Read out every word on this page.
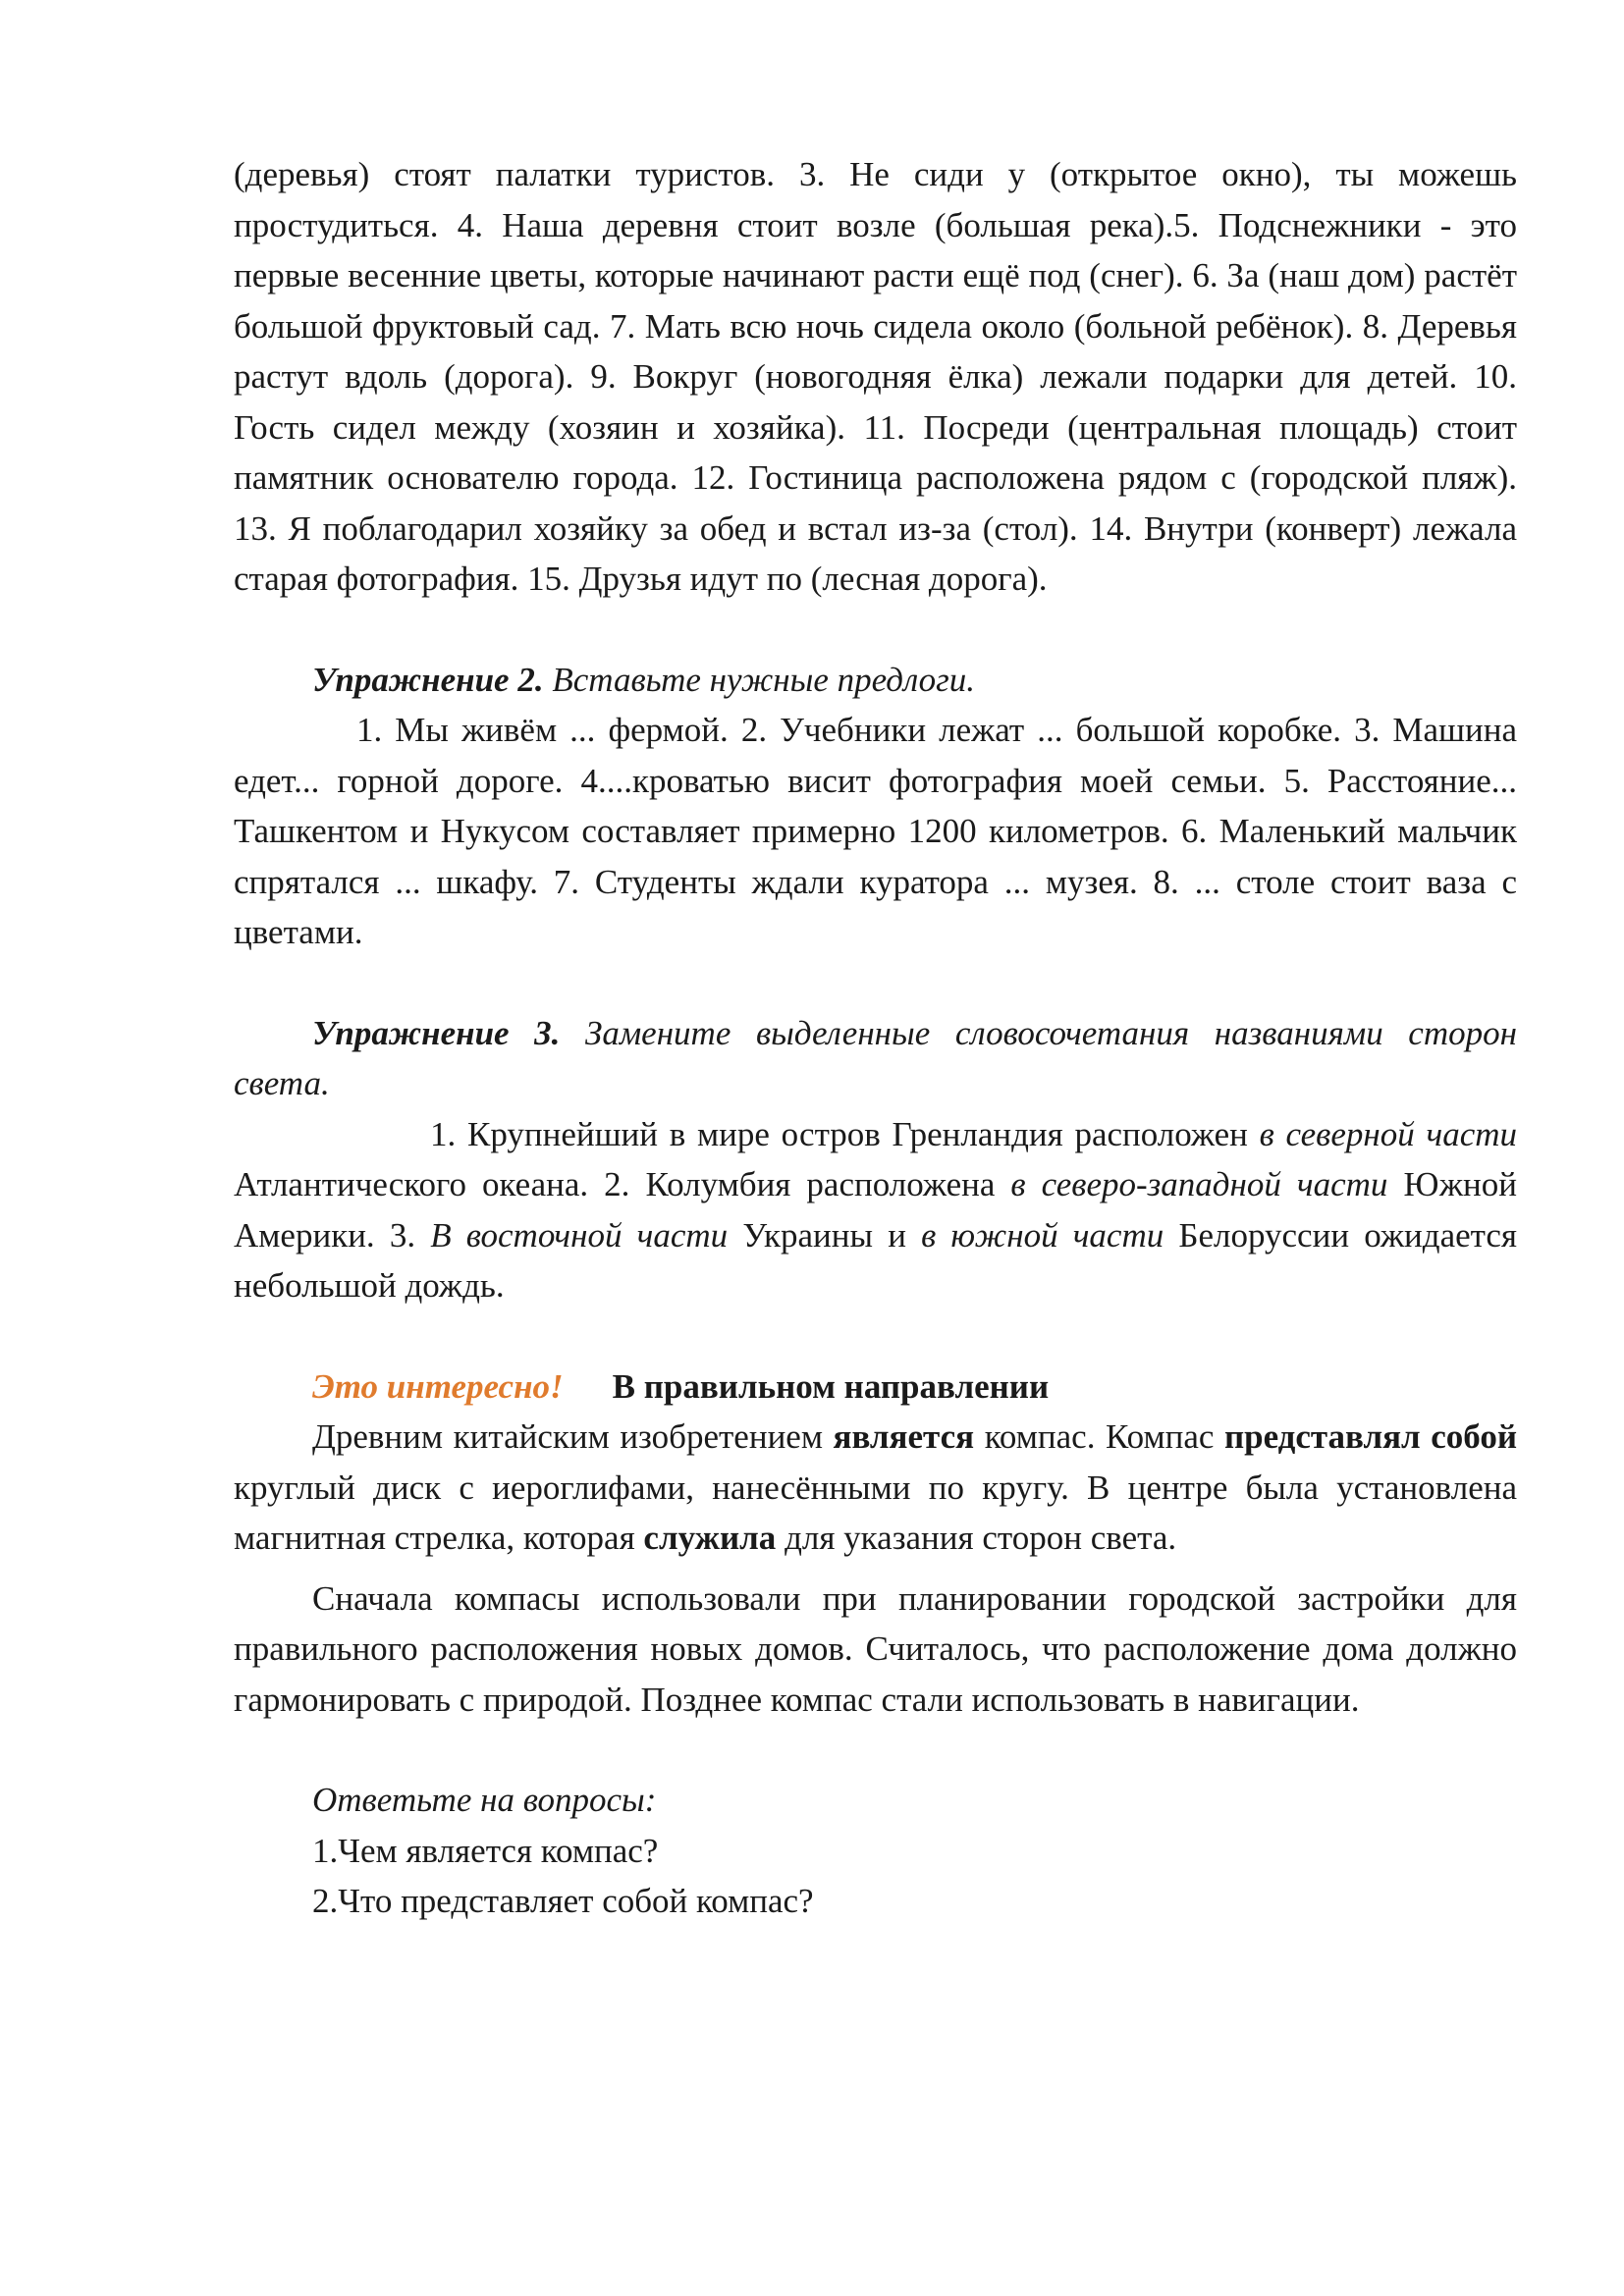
(деревья) стоят палатки туристов. 3. Не сиди у (открытое окно), ты можешь простудиться. 4. Наша деревня стоит возле (большая река).5. Подснежники - это первые весенние цветы, которые начинают расти ещё под (снег). 6. За (наш дом) растёт большой фруктовый сад. 7. Мать всю ночь сидела около (больной ребёнок). 8. Деревья растут вдоль (дорога). 9. Вокруг (новогодняя ёлка) лежали подарки для детей. 10. Гость сидел между (хозяин и хозяйка). 11. Посреди (центральная площадь) стоит памятник основателю города. 12. Гостиница расположена рядом с (городской пляж). 13. Я поблагодарил хозяйку за обед и встал из-за (стол). 14. Внутри (конверт) лежала старая фотография. 15. Друзья идут по (лесная дорога).

Упражнение 2. Вставьте нужные предлоги.

1. Мы живём ... фермой. 2. Учебники лежат ... большой коробке. 3. Машина едет... горной дороге. 4....кроватью висит фотография моей семьи. 5. Расстояние... Ташкентом и Нукусом составляет примерно 1200 километров. 6. Маленький мальчик спрятался ... шкафу. 7. Студенты ждали куратора ... музея. 8. ... столе стоит ваза с цветами.

Упражнение 3. Замените выделенные словосочетания названиями сторон света.

1. Крупнейший в мире остров Гренландия расположен в северной части Атлантического океана. 2. Колумбия расположена в северо-западной части Южной Америки. 3. В восточной части Украины и в южной части Белоруссии ожидается небольшой дождь.

Это интересно! В правильном направлении

Древним китайским изобретением является компас. Компас представлял собой круглый диск с иероглифами, нанесёнными по кругу. В центре была установлена магнитная стрелка, которая служила для указания сторон света.

Сначала компасы использовали при планировании городской застройки для правильного расположения новых домов. Считалось, что расположение дома должно гармонировать с природой. Позднее компас стали использовать в навигации.

Ответьте на вопросы:

1.Чем является компас?

2.Что представляет собой компас?
